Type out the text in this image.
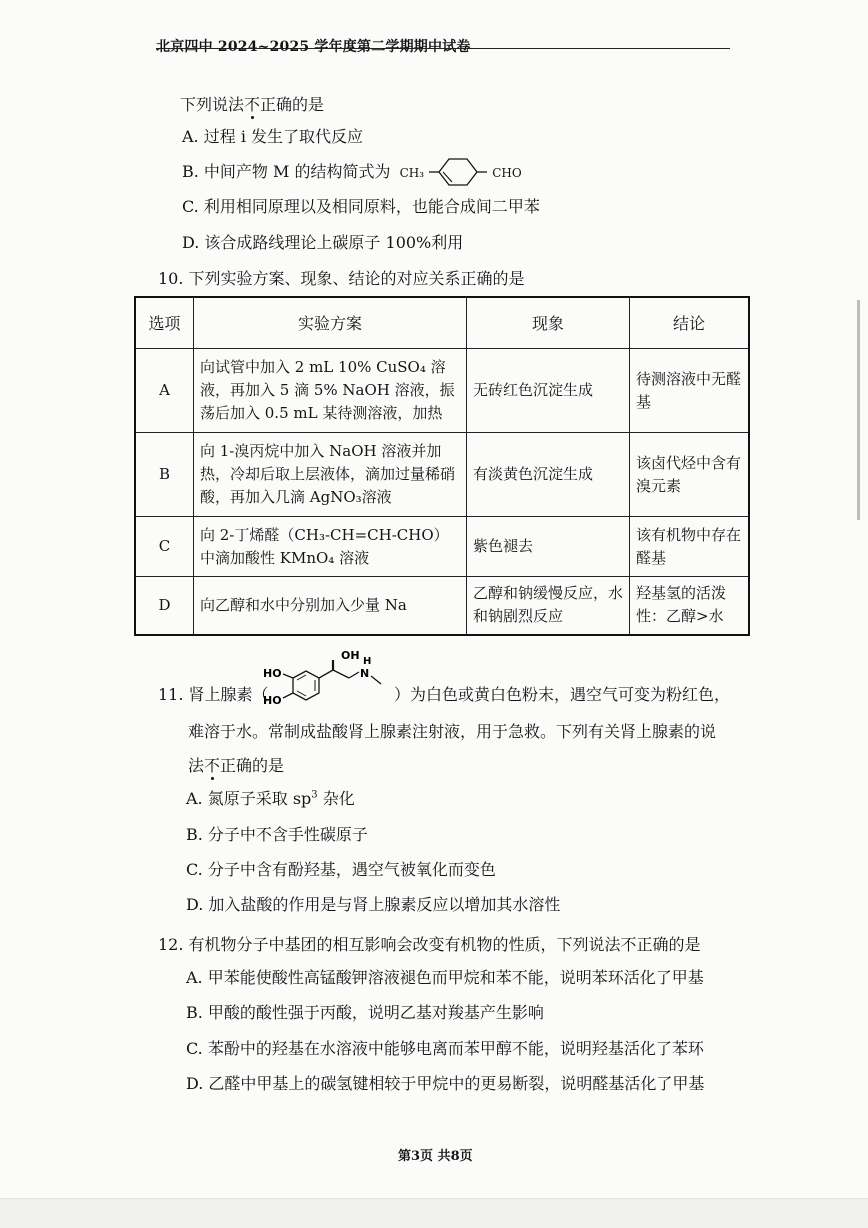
北京四中 2024~2025 学年度第二学期期中试卷
下列说法不正确的是
A. 过程 i 发生了取代反应
B. 中间产物 M 的结构简式为 CH₃	CHO
C. 利用相同原理以及相同原料，也能合成间二甲苯
D. 该合成路线理论上碳原子 100%利用
10. 下列实验方案、现象、结论的对应关系正确的是
选项	实验方案	现象	结论
A	向试管中加入 2 mL 10% CuSO₄ 溶液，再加入 5 滴 5% NaOH 溶液，振荡后加入 0.5 mL 某待测溶液，加热	无砖红色沉淀生成	待测溶液中无醛基
B	向 1-溴丙烷中加入 NaOH 溶液并加热，冷却后取上层液体，滴加过量稀硝酸，再加入几滴 AgNO₃溶液	有淡黄色沉淀生成	该卤代烃中含有溴元素
C	向 2-丁烯醛（CH₃-CH=CH-CHO）中滴加酸性 KMnO₄ 溶液	紫色褪去	该有机物中存在醛基
D	向乙醇和水中分别加入少量 Na	乙醇和钠缓慢反应，水和钠剧烈反应	羟基氢的活泼性：乙醇>水
11. 肾上腺素（
OH H
N
HO
HO	）为白色或黄白色粉末，遇空气可变为粉红色，
难溶于水。常制成盐酸肾上腺素注射液，用于急救。下列有关肾上腺素的说
法不正确的是
A. 氮原子采取 $sp^3$ 杂化
B. 分子中不含手性碳原子
C. 分子中含有酚羟基，遇空气被氧化而变色
D. 加入盐酸的作用是与肾上腺素反应以增加其水溶性
12. 有机物分子中基团的相互影响会改变有机物的性质，下列说法不正确的是
A. 甲苯能使酸性高锰酸钾溶液褪色而甲烷和苯不能，说明苯环活化了甲基
B. 甲酸的酸性强于丙酸，说明乙基对羧基产生影响
C. 苯酚中的羟基在水溶液中能够电离而苯甲醇不能，说明羟基活化了苯环
D. 乙醛中甲基上的碳氢键相较于甲烷中的更易断裂，说明醛基活化了甲基
第3页 共8页
